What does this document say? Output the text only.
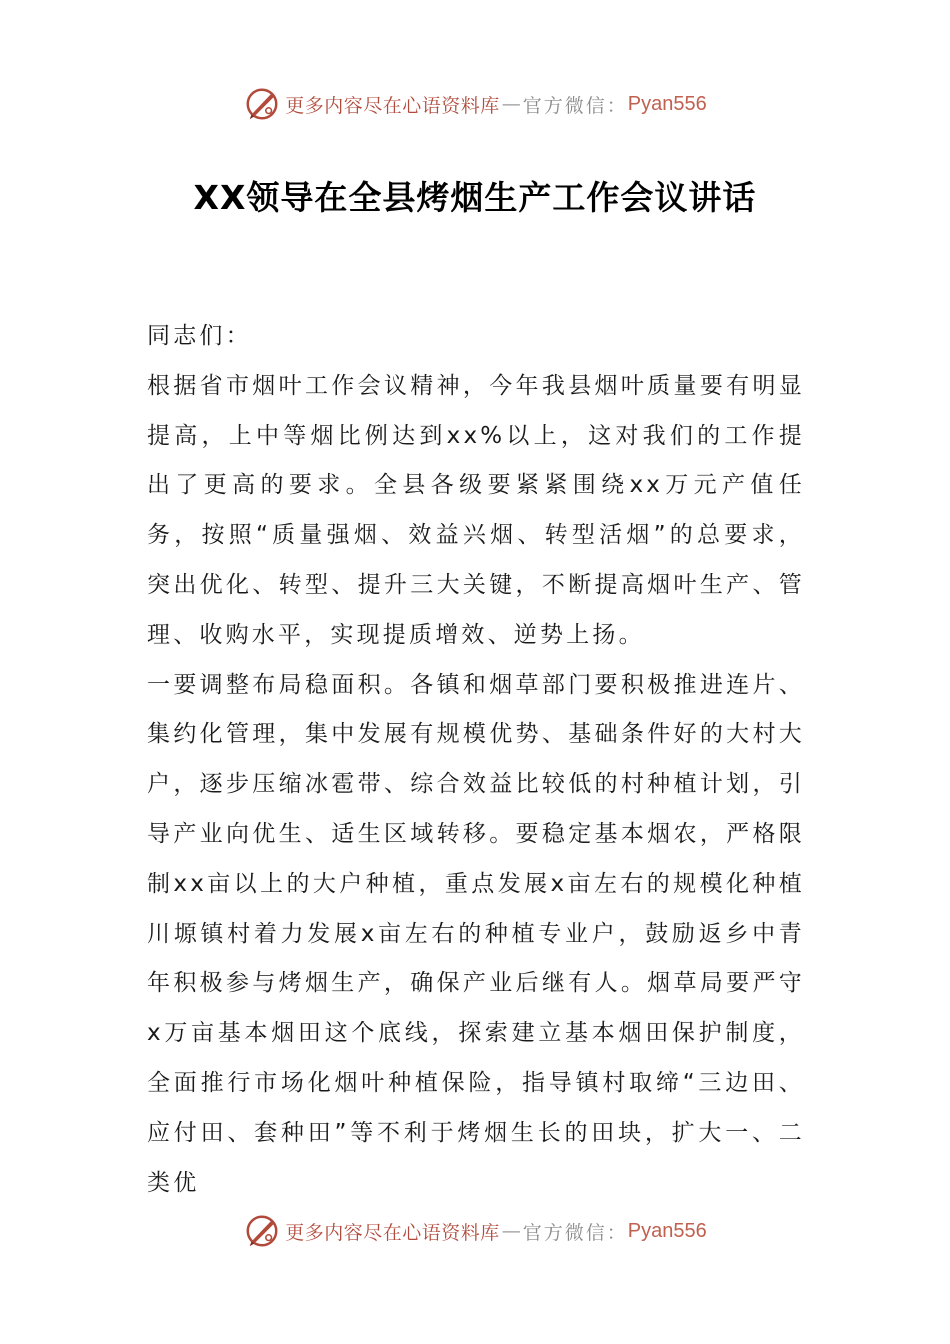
更多内容尽在心语资料库 — 官方微信： Pyan556
XX领导在全县烤烟生产工作会议讲话

同志们：

根据省市烟叶工作会议精神，今年我县烟叶质量要有明显提高，上中等烟比例达到xx%以上，这对我们的工作提出了更高的要求。全县各级要紧紧围绕xx万元产值任务，按照“质量强烟、效益兴烟、转型活烟”的总要求，突出优化、转型、提升三大关键，不断提高烟叶生产、管理、收购水平，实现提质增效、逆势上扬。

一要调整布局稳面积。各镇和烟草部门要积极推进连片、集约化管理，集中发展有规模优势、基础条件好的大村大户，逐步压缩冰雹带、综合效益比较低的村种植计划，引导产业向优生、适生区域转移。要稳定基本烟农，严格限制xx亩以上的大户种植，重点发展x亩左右的规模化种植川塬镇村着力发展x亩左右的种植专业户，鼓励返乡中青年积极参与烤烟生产，确保产业后继有人。烟草局要严守x万亩基本烟田这个底线，探索建立基本烟田保护制度，全面推行市场化烟叶种植保险，指导镇村取缔“三边田、应付田、套种田”等不利于烤烟生长的田块，扩大一、二类优

更多内容尽在心语资料库 — 官方微信： Pyan556
